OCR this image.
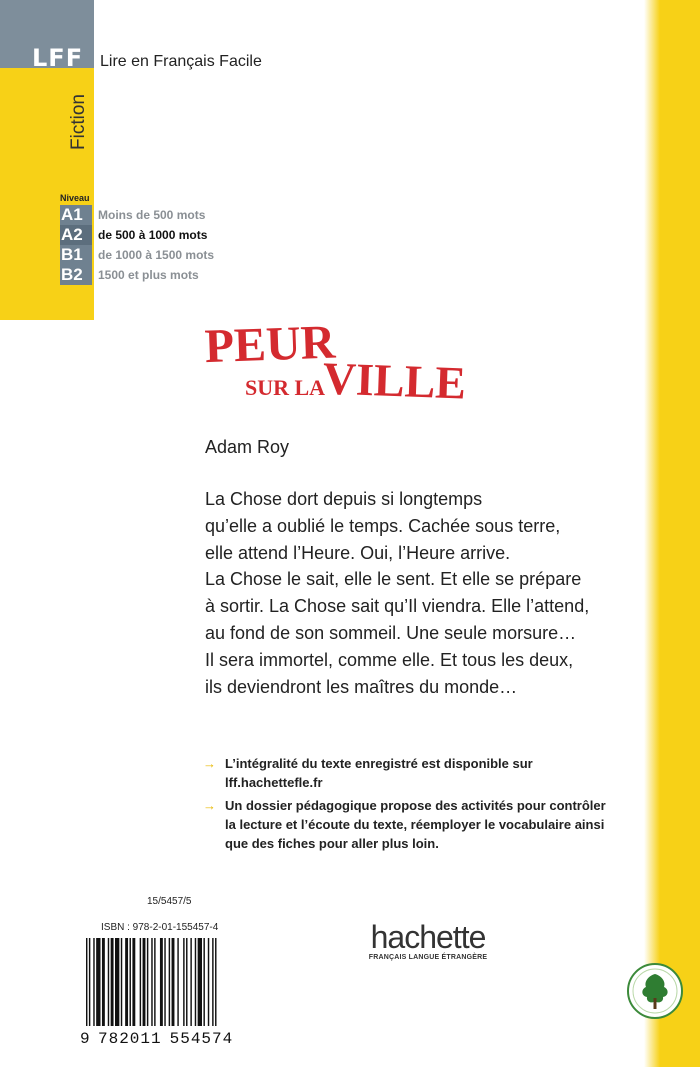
LFF Lire en Français Facile
Fiction
Niveau
A1	Moins de 500 mots
A2	de 500 à 1000 mots
B1	de 1000 à 1500 mots
B2	1500 et plus mots
PEUR
SUR LA
VILLE
Adam Roy

La Chose dort depuis si longtemps

qu’elle a oublié le temps. Cachée sous terre,

elle attend l’Heure. Oui, l’Heure arrive.

La Chose le sait, elle le sent. Et elle se prépare

à sortir. La Chose sait qu’Il viendra. Elle l’attend,

au fond de son sommeil. Une seule morsure…

Il sera immortel, comme elle. Et tous les deux,

ils deviendront les maîtres du monde…

→ L’intégralité du texte enregistré est disponible sur
lff.hachettefle.fr
→ Un dossier pédagogique propose des activités pour contrôler
la lecture et l’écoute du texte, réemployer le vocabulaire ainsi
que des fiches pour aller plus loin.
15/5457/5
ISBN : 978-2-01-155457-4
9 782011 554574
hachette
FRANÇAIS LANGUE ÉTRANGÈRE
